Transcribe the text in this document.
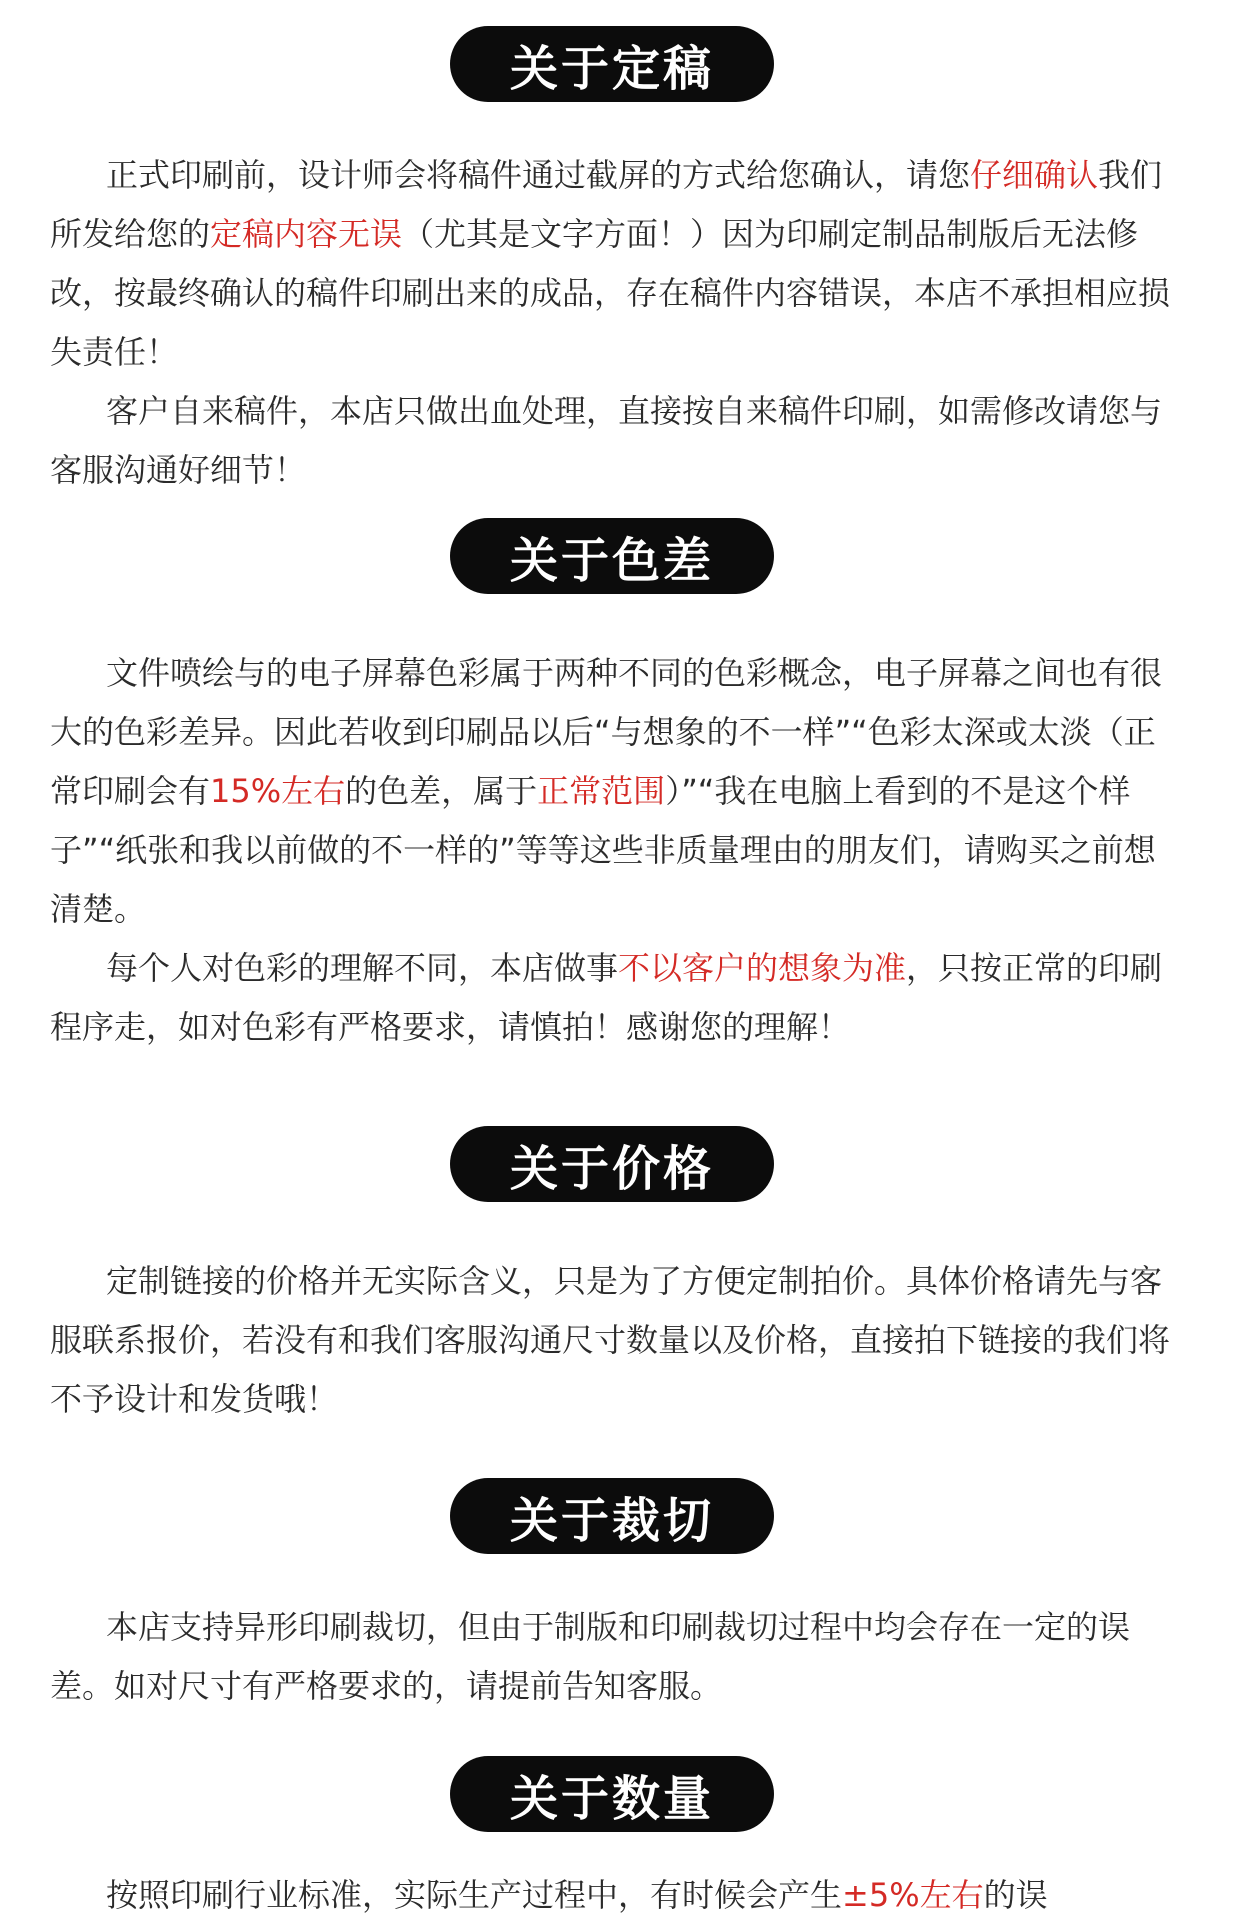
关于定稿

正式印刷前，设计师会将稿件通过截屏的方式给您确认，请您仔细确认我们所发给您的定稿内容无误（尤其是文字方面！）因为印刷定制品制版后无法修改，按最终确认的稿件印刷出来的成品，存在稿件内容错误，本店不承担相应损失责任！

客户自来稿件，本店只做出血处理，直接按自来稿件印刷，如需修改请您与客服沟通好细节！

关于色差

文件喷绘与的电子屏幕色彩属于两种不同的色彩概念，电子屏幕之间也有很大的色彩差异。因此若收到印刷品以后“与想象的不一样”“色彩太深或太淡（正常印刷会有15%左右的色差，属于正常范围）”“我在电脑上看到的不是这个样子”“纸张和我以前做的不一样的”等等这些非质量理由的朋友们，请购买之前想清楚。

每个人对色彩的理解不同，本店做事不以客户的想象为准，只按正常的印刷程序走，如对色彩有严格要求，请慎拍！感谢您的理解！

关于价格

定制链接的价格并无实际含义，只是为了方便定制拍价。具体价格请先与客服联系报价，若没有和我们客服沟通尺寸数量以及价格，直接拍下链接的我们将不予设计和发货哦！

关于裁切

本店支持异形印刷裁切，但由于制版和印刷裁切过程中均会存在一定的误差。如对尺寸有严格要求的，请提前告知客服。

关于数量

按照印刷行业标准，实际生产过程中，有时候会产生±5%左右的误
